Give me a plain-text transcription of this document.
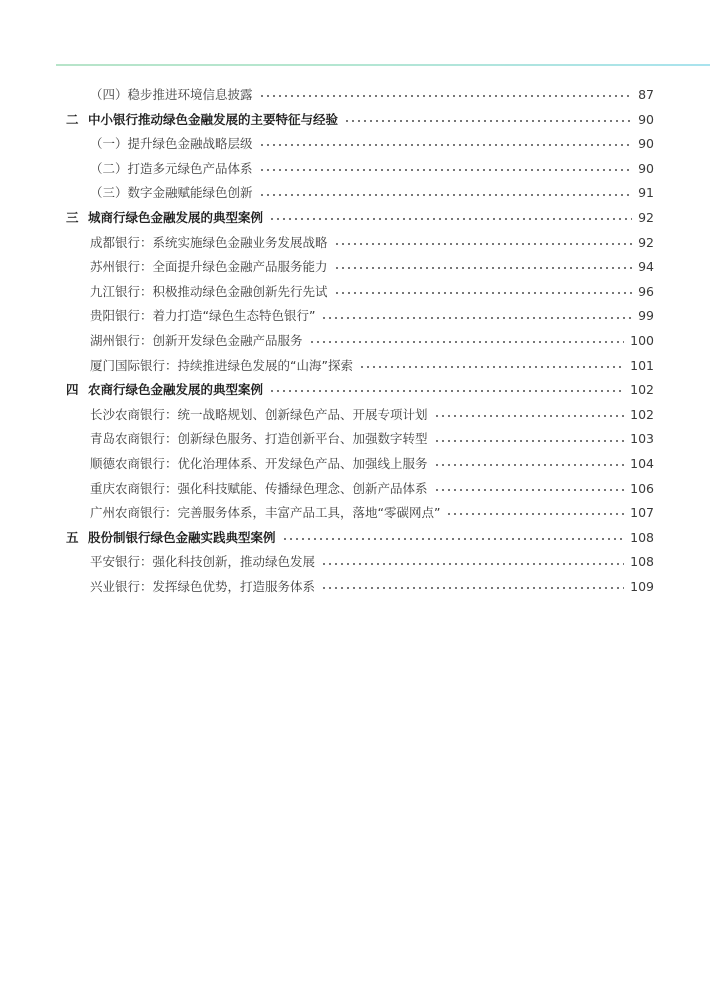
（四）稳步推进环境信息披露	87
二 中小银行推动绿色金融发展的主要特征与经验	90
（一）提升绿色金融战略层级	90
（二）打造多元绿色产品体系	90
（三）数字金融赋能绿色创新	91
三 城商行绿色金融发展的典型案例	92
成都银行：系统实施绿色金融业务发展战略	92
苏州银行：全面提升绿色金融产品服务能力	94
九江银行：积极推动绿色金融创新先行先试	96
贵阳银行：着力打造“绿色生态特色银行”	99
湖州银行：创新开发绿色金融产品服务	100
厦门国际银行：持续推进绿色发展的“山海”探索	101
四 农商行绿色金融发展的典型案例	102
长沙农商银行：统一战略规划、创新绿色产品、开展专项计划	102
青岛农商银行：创新绿色服务、打造创新平台、加强数字转型	103
顺德农商银行：优化治理体系、开发绿色产品、加强线上服务	104
重庆农商银行：强化科技赋能、传播绿色理念、创新产品体系	106
广州农商银行：完善服务体系，丰富产品工具，落地“零碳网点”	107
五 股份制银行绿色金融实践典型案例	108
平安银行：强化科技创新，推动绿色发展	108
兴业银行：发挥绿色优势，打造服务体系	109
